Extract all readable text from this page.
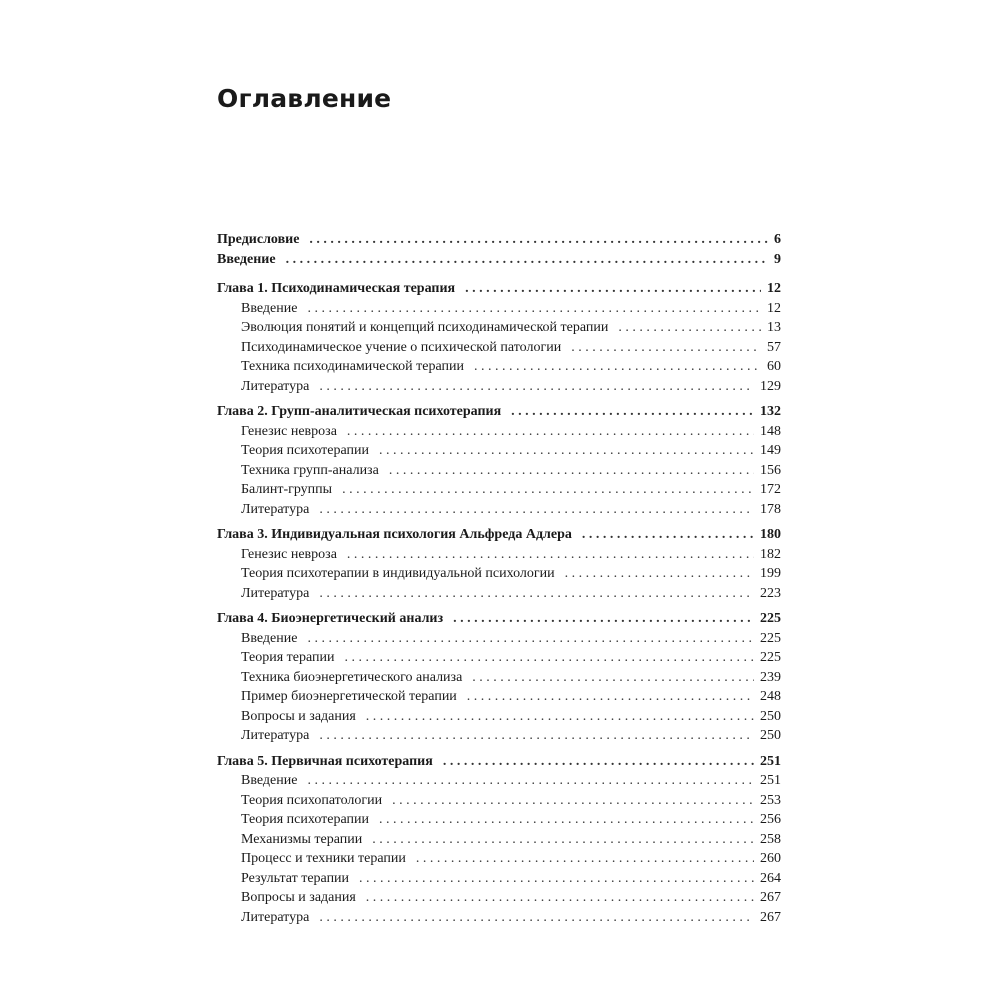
Оглавление
Предисловие . . .	6
Введение . . .	9
Глава 1. Психодинамическая терапия . . .	12
Введение . . .	12
Эволюция понятий и концепций психодинамической терапии . . .	13
Психодинамическое учение о психической патологии . . .	57
Техника психодинамической терапии . . .	60
Литература . . .	129
Глава 2. Групп-аналитическая психотерапия . . .	132
Генезис невроза . . .	148
Теория психотерапии . . .	149
Техника групп-анализа . . .	156
Балинт-группы . . .	172
Литература . . .	178
Глава 3. Индивидуальная психология Альфреда Адлера . . .	180
Генезис невроза . . .	182
Теория психотерапии в индивидуальной психологии . . .	199
Литература . . .	223
Глава 4. Биоэнергетический анализ . . .	225
Введение . . .	225
Теория терапии . . .	225
Техника биоэнергетического анализа . . .	239
Пример биоэнергетической терапии . . .	248
Вопросы и задания . . .	250
Литература . . .	250
Глава 5. Первичная психотерапия . . .	251
Введение . . .	251
Теория психопатологии . . .	253
Теория психотерапии . . .	256
Механизмы терапии . . .	258
Процесс и техники терапии . . .	260
Результат терапии . . .	264
Вопросы и задания . . .	267
Литература . . .	267
